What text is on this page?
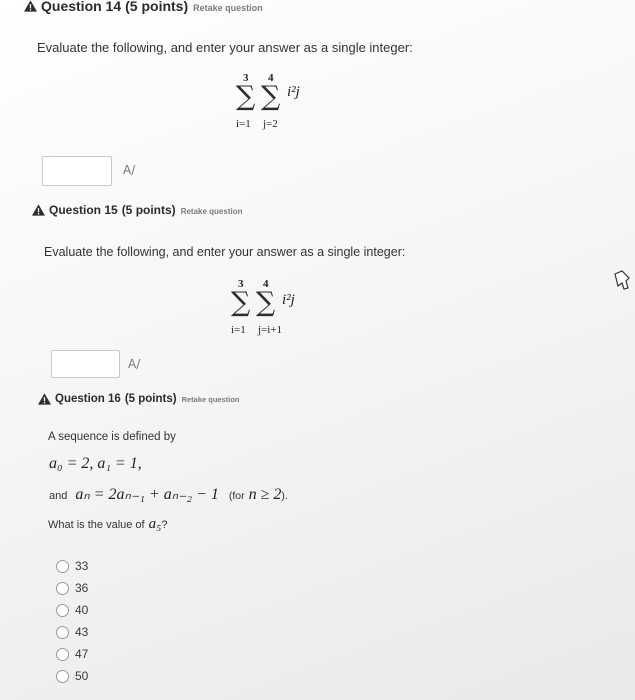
Question 14 (5 points) Retake question
Evaluate the following, and enter your answer as a single integer:
3 4
∑ ∑ i²j
i=1 j=2
A/
Question 15 (5 points) Retake question
Evaluate the following, and enter your answer as a single integer:
3 4
∑ ∑ i²j
i=1 j=i+1
A/
Question 16 (5 points) Retake question
A sequence is defined by
a₀ = 2, a₁ = 1,
and aₙ = 2aₙ₋₁ + aₙ₋₂ − 1 (for n ≥ 2 ).
What is the value of a₅ ?
33
36
40
43
47
50
